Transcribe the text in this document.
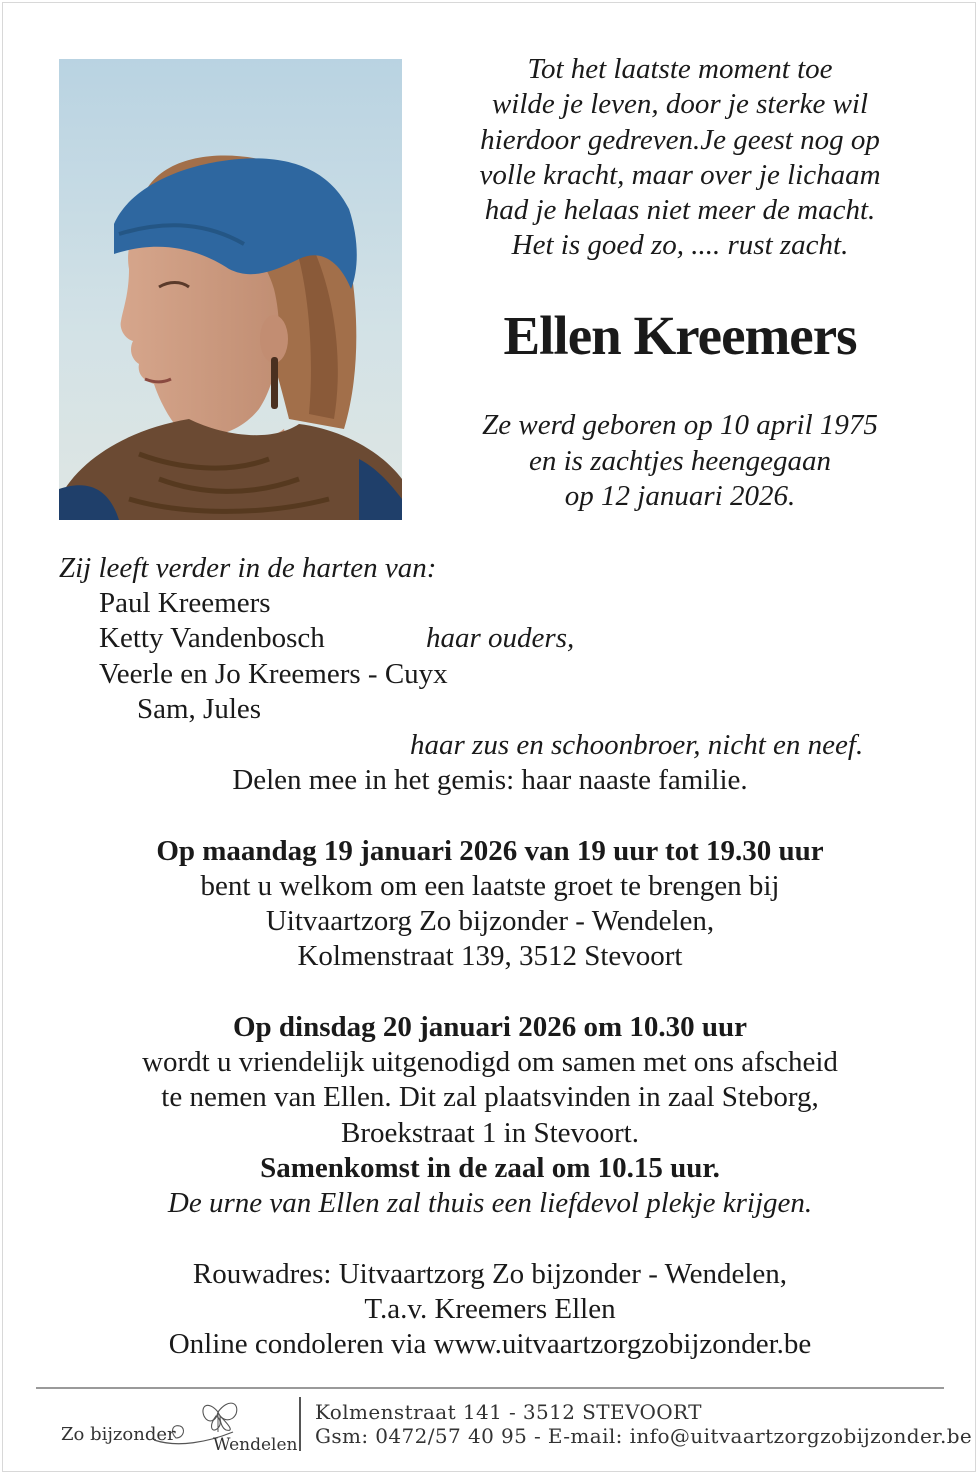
Tot het laatste moment toe
wilde je leven, door je sterke wil
hierdoor gedreven.Je geest nog op
volle kracht, maar over je lichaam
had je helaas niet meer de macht.
Het is goed zo, .... rust zacht.
Ellen Kreemers
Ze werd geboren op 10 april 1975
en is zachtjes heengegaan
op 12 januari 2026.
Zij leeft verder in de harten van:
Paul Kreemers
Ketty Vandenbosch	haar ouders,
Veerle en Jo Kreemers - Cuyx
Sam, Jules
haar zus en schoonbroer, nicht en neef.
Delen mee in het gemis: haar naaste familie.
Op maandag 19 januari 2026 van 19 uur tot 19.30 uur
bent u welkom om een laatste groet te brengen bij
Uitvaartzorg Zo bijzonder - Wendelen,
Kolmenstraat 139, 3512 Stevoort
Op dinsdag 20 januari 2026 om 10.30 uur
wordt u vriendelijk uitgenodigd om samen met ons afscheid
te nemen van Ellen. Dit zal plaatsvinden in zaal Steborg,
Broekstraat 1 in Stevoort.
Samenkomst in de zaal om 10.15 uur.
De urne van Ellen zal thuis een liefdevol plekje krijgen.
Rouwadres: Uitvaartzorg Zo bijzonder - Wendelen,
T.a.v. Kreemers Ellen
Online condoleren via www.uitvaartzorgzobijzonder.be
Zo bijzonder Wendelen
Kolmenstraat 141 - 3512 STEVOORT
Gsm: 0472/57 40 95 - E-mail: info@uitvaartzorgzobijzonder.be
